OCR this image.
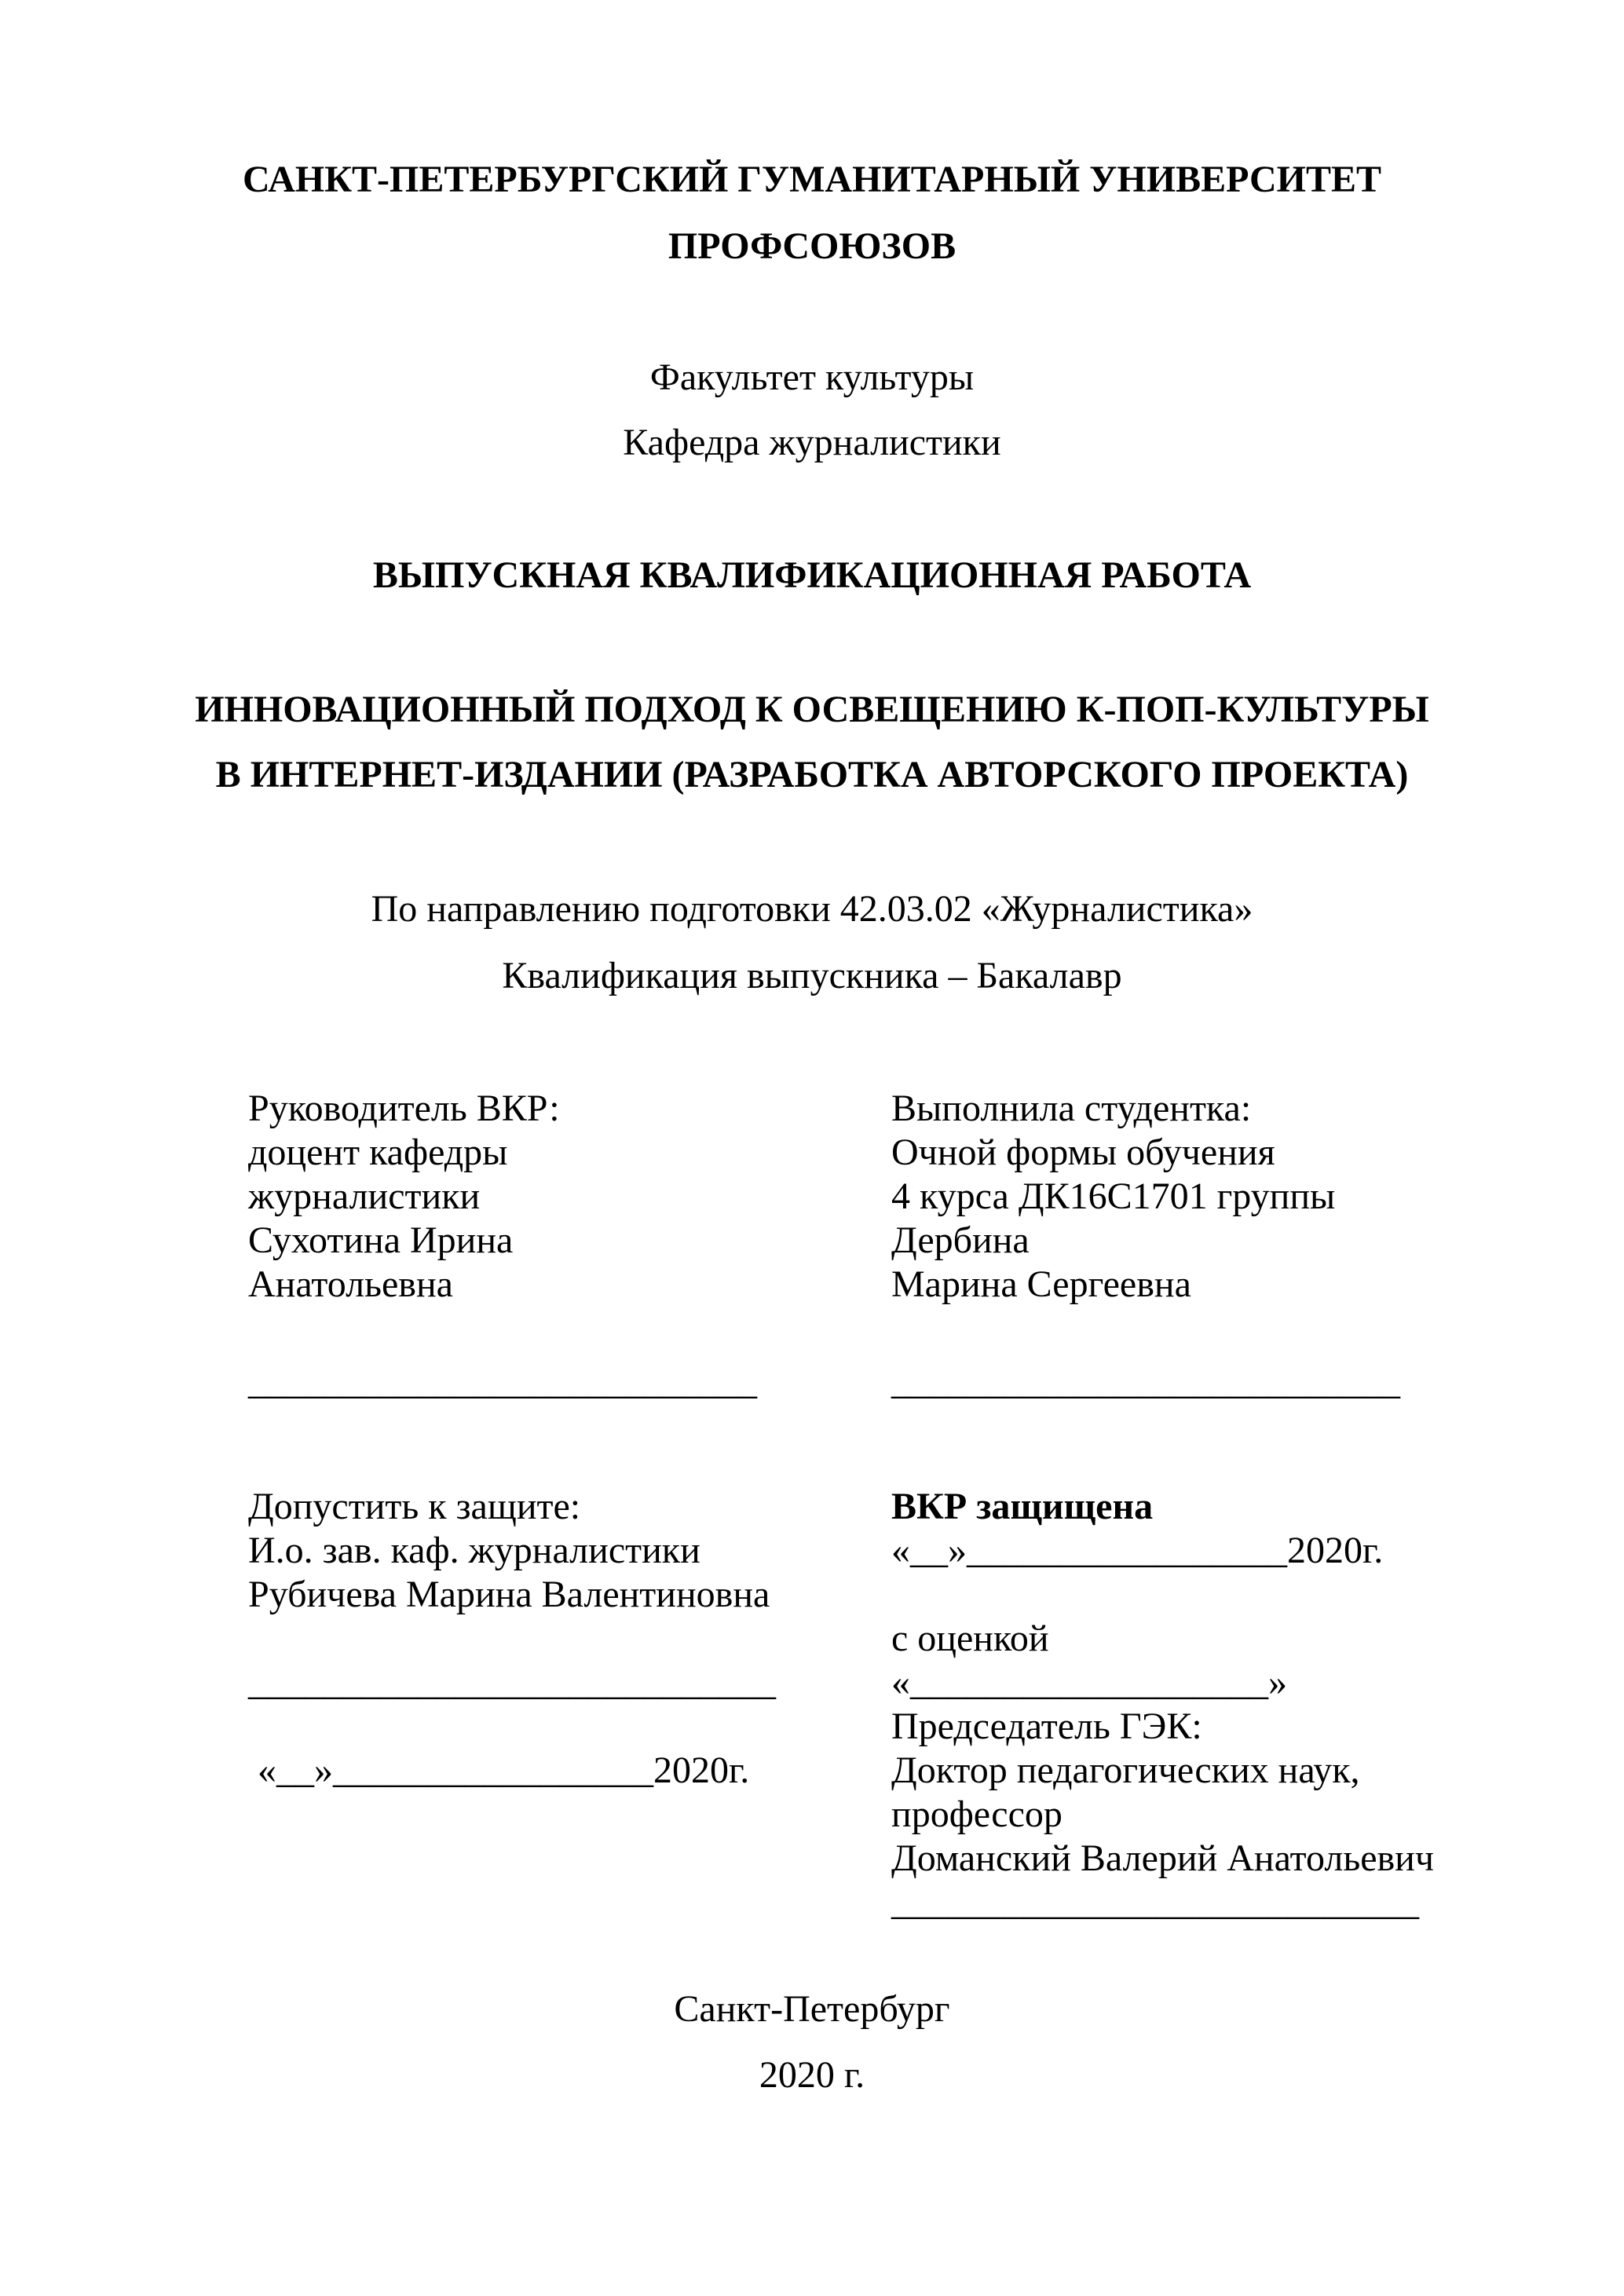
САНКТ-ПЕТЕРБУРГСКИЙ ГУМАНИТАРНЫЙ УНИВЕРСИТЕТ
ПРОФСОЮЗОВ
Факультет культуры
Кафедра журналистики
ВЫПУСКНАЯ КВАЛИФИКАЦИОННАЯ РАБОТА
ИННОВАЦИОННЫЙ ПОДХОД К ОСВЕЩЕНИЮ К-ПОП-КУЛЬТУРЫ
В ИНТЕРНЕТ-ИЗДАНИИ (РАЗРАБОТКА АВТОРСКОГО ПРОЕКТА)
По направлению подготовки 42.03.02 «Журналистика»
Квалификация выпускника – Бакалавр
Руководитель ВКР:
доцент кафедры
журналистики
Сухотина Ирина
Анатольевна
___________________________
Выполнила студентка:
Очной формы обучения
4 курса ДК16С1701 группы
Дербина
Марина Сергеевна
___________________________
Допустить к защите:
И.о. зав. каф. журналистики
Рубичева Марина Валентиновна
____________________________
«__»_________________2020г.
ВКР защищена
«__»_________________2020г.
с оценкой
«___________________»
Председатель ГЭК:
Доктор педагогических наук,
профессор
Доманский Валерий Анатольевич
____________________________
Санкт-Петербург
2020 г.
